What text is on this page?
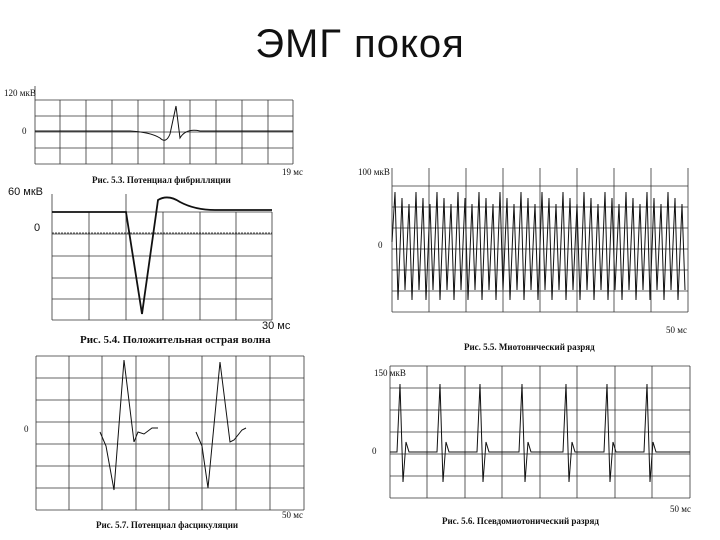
ЭМГ покоя
120 мкВ
0
19 мс
Рис. 5.3. Потенциал фибрилляции
60 мкВ
0
30 мс
Рис. 5.4. Положительная острая волна
100 мкВ
0
50 мс
Рис. 5.5. Миотонический разряд
0
50 мс
Рис. 5.7. Потенциал фасцикуляции
150 мкВ
0
50 мс
Рис. 5.6. Псевдомиотонический разряд
